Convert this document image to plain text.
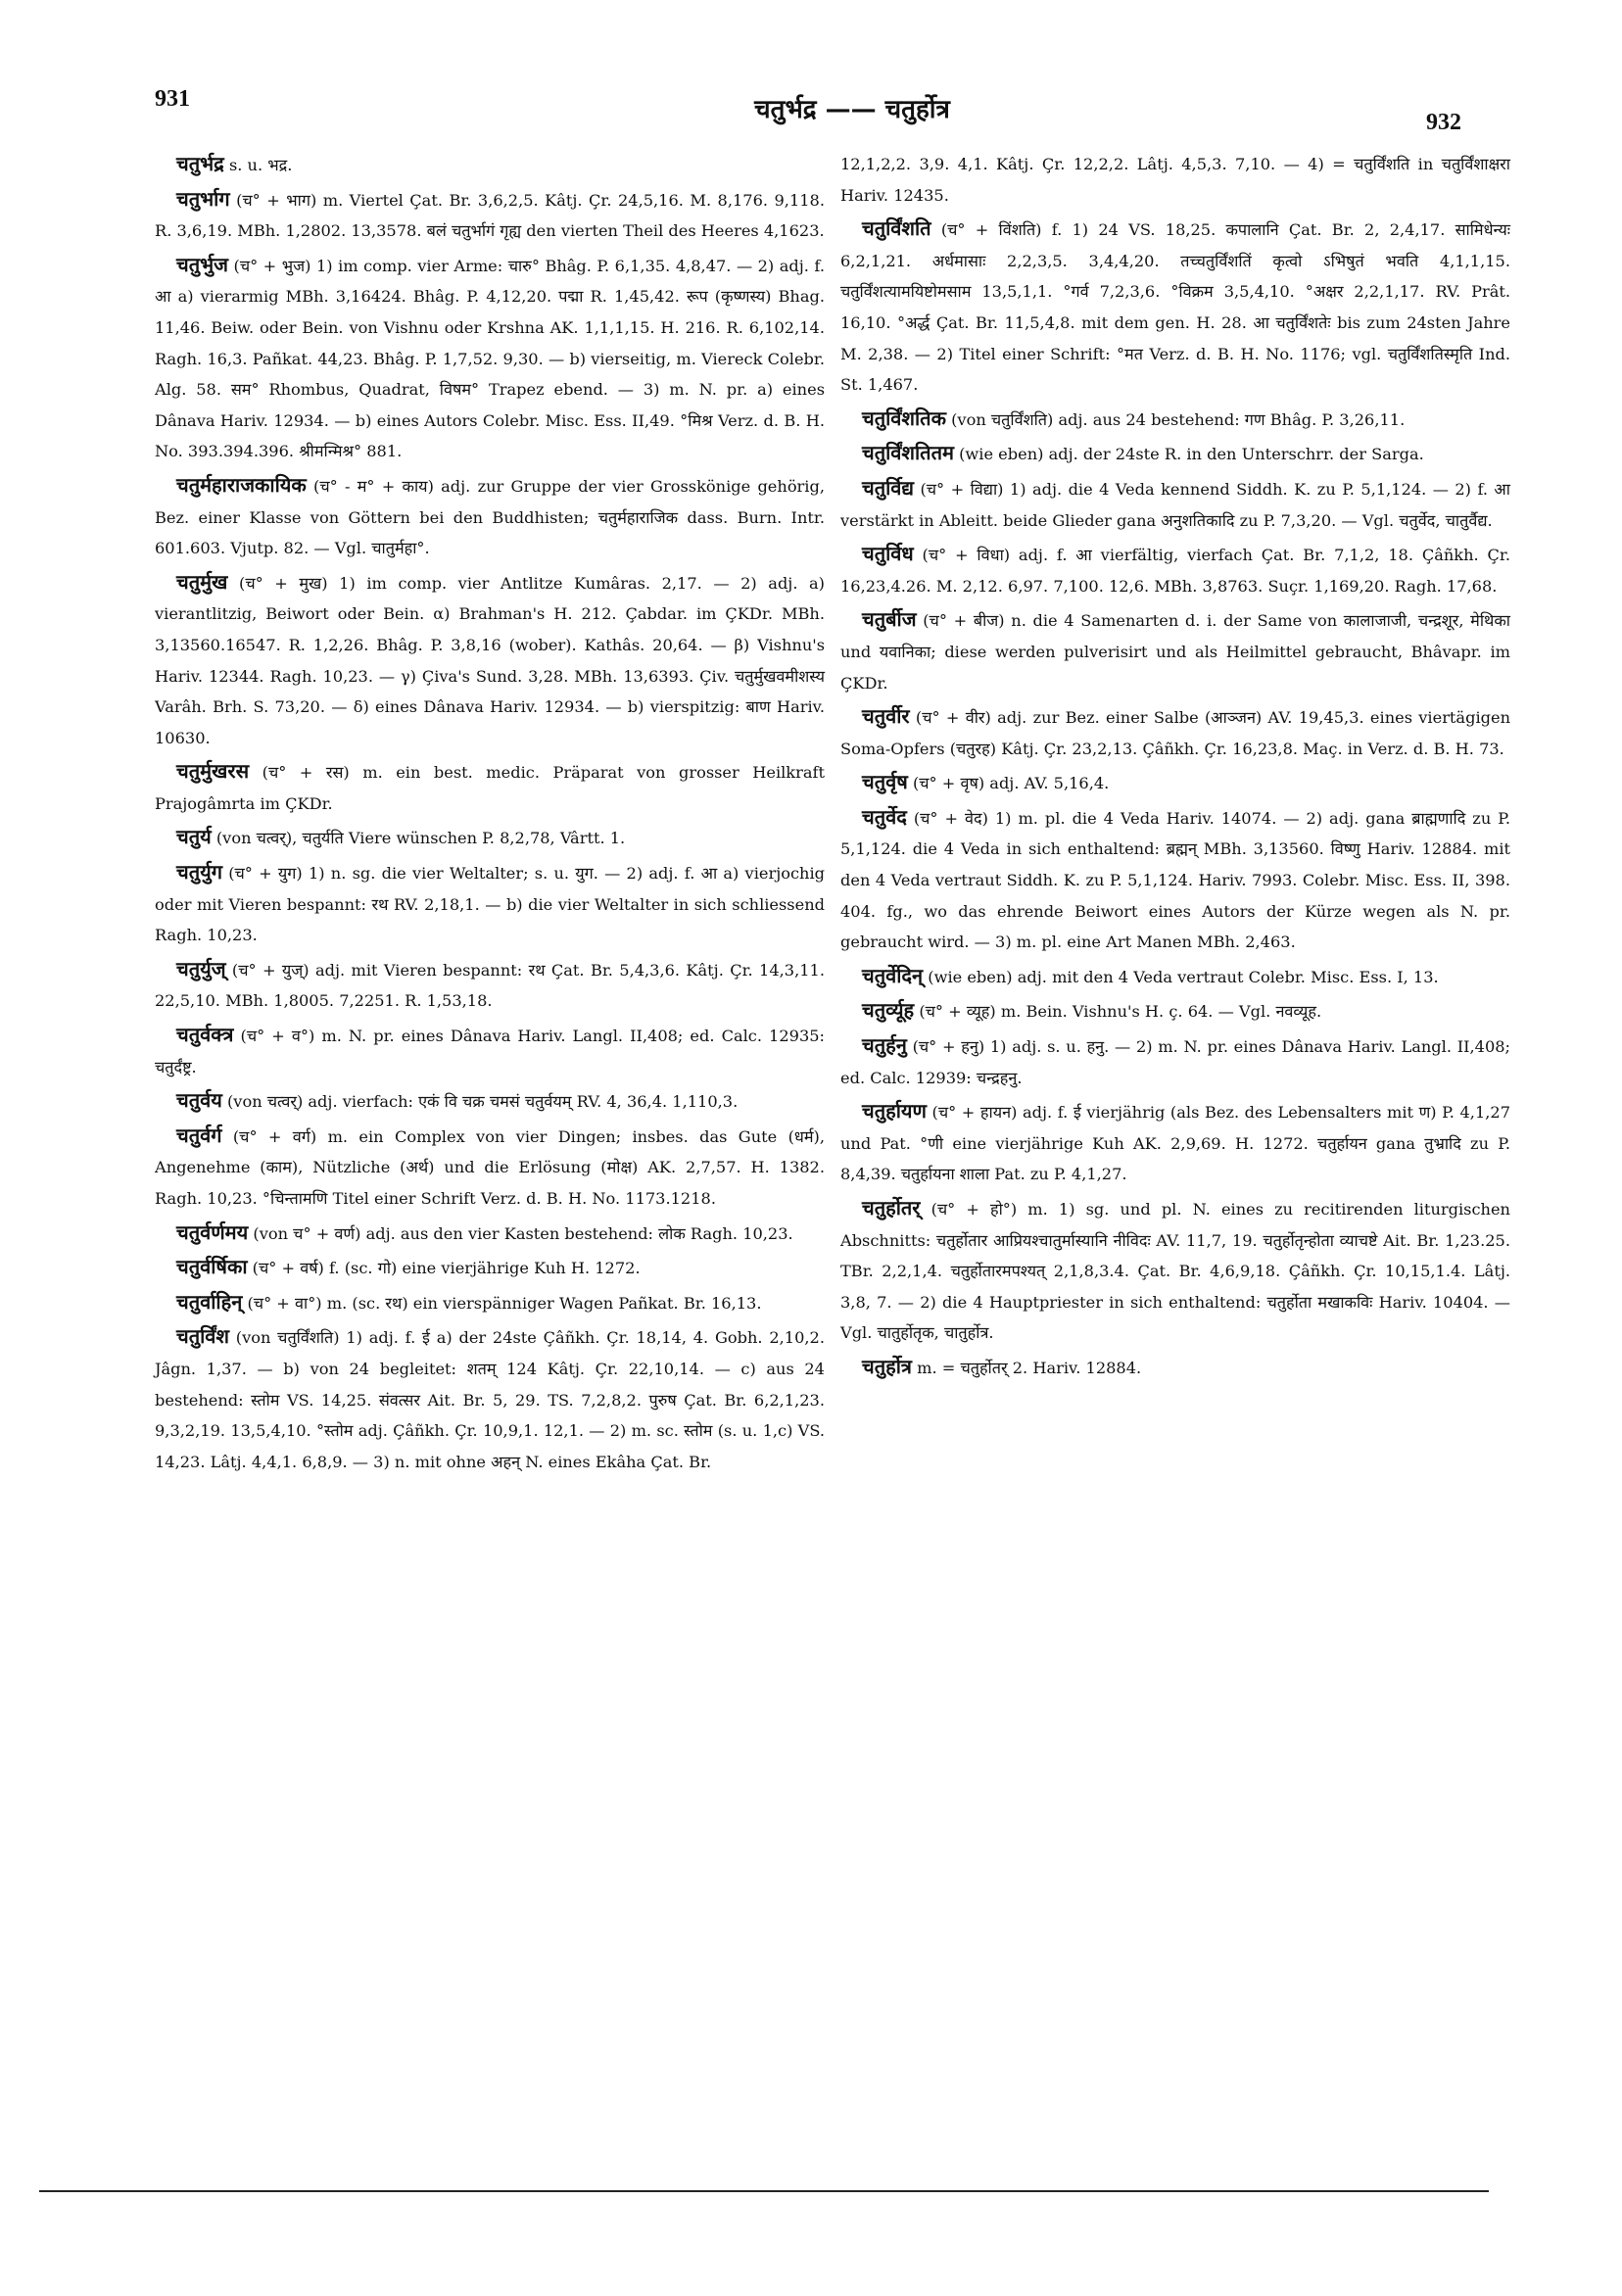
931	चतुर्भद्र —— चतुर्होत्र	932

चतुर्भद्र s. u. भद्र.

चतुर्भाग (च° + भाग) m. Viertel Çat. Br. 3,6,2,5. Kâtj. Çr. 24,5,16. M. 8,176. 9,118. R. 3,6,19. MBh. 1,2802. 13,3578. बलं चतुर्भागं गृह्य den vierten Theil des Heeres 4,1623.

चतुर्भुज (च° + भुज) 1) im comp. vier Arme: चारु° Bhâg. P. 6,1,35. 4,8,47. — 2) adj. f. आ a) vierarmig MBh. 3,16424. Bhâg. P. 4,12,20. पद्मा R. 1,45,42. रूप (कृष्णस्य) Bhag. 11,46. Beiw. oder Bein. von Vishnu oder Krshna AK. 1,1,1,15. H. 216. R. 6,102,14. Ragh. 16,3. Pañkat. 44,23. Bhâg. P. 1,7,52. 9,30. — b) vierseitig, m. Viereck Colebr. Alg. 58. सम° Rhombus, Quadrat, विषम° Trapez ebend. — 3) m. N. pr. a) eines Dânava Hariv. 12934. — b) eines Autors Colebr. Misc. Ess. II,49. °मिश्र Verz. d. B. H. No. 393.394.396. श्रीमन्मिश्र° 881.

चतुर्महाराजकायिक (च° - म° + काय) adj. zur Gruppe der vier Grosskönige gehörig, Bez. einer Klasse von Göttern bei den Buddhisten; चतुर्महाराजिक dass. Burn. Intr. 601.603. Vjutp. 82. — Vgl. चातुर्महा°.

चतुर्मुख (च° + मुख) 1) im comp. vier Antlitze Kumâras. 2,17. — 2) adj. a) vierantlitzig, Beiwort oder Bein. α) Brahman's H. 212. Çabdar. im ÇKDr. MBh. 3,13560.16547. R. 1,2,26. Bhâg. P. 3,8,16 (wober). Kathâs. 20,64. — β) Vishnu's Hariv. 12344. Ragh. 10,23. — γ) Çiva's Sund. 3,28. MBh. 13,6393. Çiv. चतुर्मुखवमीशस्य Varâh. Brh. S. 73,20. — δ) eines Dânava Hariv. 12934. — b) vierspitzig: बाण Hariv. 10630.

चतुर्मुखरस (च° + रस) m. ein best. medic. Präparat von grosser Heilkraft Prajogâmrta im ÇKDr.

चतुर्य (von चत्वर्), चतुर्यति Viere wünschen P. 8,2,78, Vârtt. 1.

चतुर्युग (च° + युग) 1) n. sg. die vier Weltalter; s. u. युग. — 2) adj. f. आ a) vierjochig oder mit Vieren bespannt: रथ RV. 2,18,1. — b) die vier Weltalter in sich schliessend Ragh. 10,23.

चतुर्युज् (च° + युज्) adj. mit Vieren bespannt: रथ Çat. Br. 5,4,3,6. Kâtj. Çr. 14,3,11. 22,5,10. MBh. 1,8005. 7,2251. R. 1,53,18.

चतुर्वक्त्र (च° + व°) m. N. pr. eines Dânava Hariv. Langl. II,408; ed. Calc. 12935: चतुर्दंष्ट्र.

चतुर्वय (von चत्वर्) adj. vierfach: एकं वि चक्र चमसं चतुर्वयम् RV. 4, 36,4. 1,110,3.

चतुर्वर्ग (च° + वर्ग) m. ein Complex von vier Dingen; insbes. das Gute (धर्म), Angenehme (काम), Nützliche (अर्थ) und die Erlösung (मोक्ष) AK. 2,7,57. H. 1382. Ragh. 10,23. °चिन्तामणि Titel einer Schrift Verz. d. B. H. No. 1173.1218.

चतुर्वर्णमय (von च° + वर्ण) adj. aus den vier Kasten bestehend: लोक Ragh. 10,23.

चतुर्वर्षिका (च° + वर्ष) f. (sc. गो) eine vierjährige Kuh H. 1272.

चतुर्वाहिन् (च° + वा°) m. (sc. रथ) ein vierspänniger Wagen Pañkat. Br. 16,13.

चतुर्विंश (von चतुर्विंशति) 1) adj. f. ई a) der 24ste Çâñkh. Çr. 18,14, 4. Gobh. 2,10,2. Jâgn. 1,37. — b) von 24 begleitet: शतम् 124 Kâtj. Çr. 22,10,14. — c) aus 24 bestehend: स्तोम VS. 14,25. संवत्सर Ait. Br. 5, 29. TS. 7,2,8,2. पुरुष Çat. Br. 6,2,1,23. 9,3,2,19. 13,5,4,10. °स्तोम adj. Çâñkh. Çr. 10,9,1. 12,1. — 2) m. sc. स्तोम (s. u. 1,c) VS. 14,23. Lâtj. 4,4,1. 6,8,9. — 3) n. mit ohne अहन् N. eines Ekâha Çat. Br.

12,1,2,2. 3,9. 4,1. Kâtj. Çr. 12,2,2. Lâtj. 4,5,3. 7,10. — 4) = चतुर्विंशति in चतुर्विंशाक्षरा Hariv. 12435.

चतुर्विंशति (च° + विंशति) f. 1) 24 VS. 18,25. कपालानि Çat. Br. 2, 2,4,17. सामिधेन्यः 6,2,1,21. अर्धमासाः 2,2,3,5. 3,4,4,20. तच्चतुर्विंशतिं कृत्वो ऽभिषुतं भवति 4,1,1,15. चतुर्विंशत्यामयिष्टोमसाम 13,5,1,1. °गर्व 7,2,3,6. °विक्रम 3,5,4,10. °अक्षर 2,2,1,17. RV. Prât. 16,10. °अर्द्ध Çat. Br. 11,5,4,8. mit dem gen. H. 28. आ चतुर्विंशतेः bis zum 24sten Jahre M. 2,38. — 2) Titel einer Schrift: °मत Verz. d. B. H. No. 1176; vgl. चतुर्विंशतिस्मृति Ind. St. 1,467.

चतुर्विंशतिक (von चतुर्विंशति) adj. aus 24 bestehend: गण Bhâg. P. 3,26,11.

चतुर्विंशतितम (wie eben) adj. der 24ste R. in den Unterschrr. der Sarga.

चतुर्विद्य (च° + विद्या) 1) adj. die 4 Veda kennend Siddh. K. zu P. 5,1,124. — 2) f. आ verstärkt in Ableitt. beide Glieder gana अनुशतिकादि zu P. 7,3,20. — Vgl. चतुर्वेद, चातुर्वैद्य.

चतुर्विध (च° + विधा) adj. f. आ vierfältig, vierfach Çat. Br. 7,1,2, 18. Çâñkh. Çr. 16,23,4.26. M. 2,12. 6,97. 7,100. 12,6. MBh. 3,8763. Suçr. 1,169,20. Ragh. 17,68.

चतुर्बीज (च° + बीज) n. die 4 Samenarten d. i. der Same von कालाजाजी, चन्द्रशूर, मेथिका und यवानिका; diese werden pulverisirt und als Heilmittel gebraucht, Bhâvapr. im ÇKDr.

चतुर्वीर (च° + वीर) adj. zur Bez. einer Salbe (आञ्जन) AV. 19,45,3. eines viertägigen Soma-Opfers (चतुरह) Kâtj. Çr. 23,2,13. Çâñkh. Çr. 16,23,8. Maç. in Verz. d. B. H. 73.

चतुर्वृष (च° + वृष) adj. AV. 5,16,4.

चतुर्वेद (च° + वेद) 1) m. pl. die 4 Veda Hariv. 14074. — 2) adj. gana ब्राह्मणादि zu P. 5,1,124. die 4 Veda in sich enthaltend: ब्रह्मन् MBh. 3,13560. विष्णु Hariv. 12884. mit den 4 Veda vertraut Siddh. K. zu P. 5,1,124. Hariv. 7993. Colebr. Misc. Ess. II, 398. 404. fg., wo das ehrende Beiwort eines Autors der Kürze wegen als N. pr. gebraucht wird. — 3) m. pl. eine Art Manen MBh. 2,463.

चतुर्वेदिन् (wie eben) adj. mit den 4 Veda vertraut Colebr. Misc. Ess. I, 13.

चतुर्व्यूह (च° + व्यूह) m. Bein. Vishnu's H. ç. 64. — Vgl. नवव्यूह.

चतुर्हनु (च° + हनु) 1) adj. s. u. हनु. — 2) m. N. pr. eines Dânava Hariv. Langl. II,408; ed. Calc. 12939: चन्द्रहनु.

चतुर्हायण (च° + हायन) adj. f. ई vierjährig (als Bez. des Lebensalters mit ण) P. 4,1,27 und Pat. °णी eine vierjährige Kuh AK. 2,9,69. H. 1272. चतुर्हायन gana तुभ्रादि zu P. 8,4,39. चतुर्हायना शाला Pat. zu P. 4,1,27.

चतुर्होतर् (च° + हो°) m. 1) sg. und pl. N. eines zu recitirenden liturgischen Abschnitts: चतुर्होतार आप्रियश्चातुर्मास्यानि नीविदः AV. 11,7, 19. चतुर्होतृन्होता व्याचष्टे Ait. Br. 1,23.25. TBr. 2,2,1,4. चतुर्होतारमपश्यत् 2,1,8,3.4. Çat. Br. 4,6,9,18. Çâñkh. Çr. 10,15,1.4. Lâtj. 3,8, 7. — 2) die 4 Hauptpriester in sich enthaltend: चतुर्होता मखाकविः Hariv. 10404. — Vgl. चातुर्होतृक, चातुर्होत्र.

चतुर्होत्र m. = चतुर्होतर् 2. Hariv. 12884.
